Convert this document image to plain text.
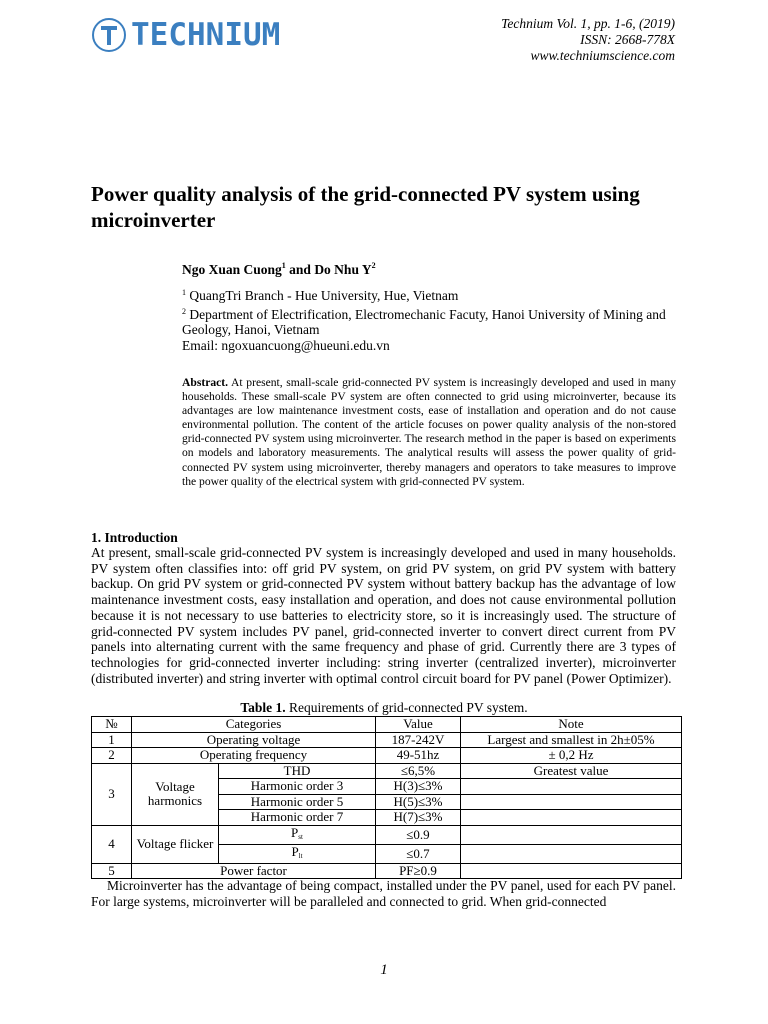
TECHNIUM	Technium Vol. 1, pp. 1-6, (2019)
ISSN: 2668-778X
www.techniumscience.com
Power quality analysis of the grid-connected PV system using microinverter
Ngo Xuan Cuong$^1$ and Do Nhu $Y^2$
$^1$ QuangTri Branch - Hue University, Hue, Vietnam
$^2$ Department of Electrification, Electromechanic Facuty, Hanoi University of Mining and Geology, Hanoi, Vietnam
Email: ngoxuancuong@hueuni.edu.vn
Abstract. At present, small-scale grid-connected PV system is increasingly developed and used in many households. These small-scale PV system are often connected to grid using microinverter, because its advantages are low maintenance investment costs, ease of installation and operation and do not cause environmental pollution. The content of the article focuses on power quality analysis of the non-stored grid-connected PV system using microinverter. The research method in the paper is based on experiments on models and laboratory measurements. The analytical results will assess the power quality of grid-connected PV system using microinverter, thereby managers and operators to take measures to improve the power quality of the electrical system with grid-connected PV system.
1. Introduction
At present, small-scale grid-connected PV system is increasingly developed and used in many households. PV system often classifies into: off grid PV system, on grid PV system, on grid PV system with battery backup. On grid PV system or grid-connected PV system without battery backup has the advantage of low maintenance investment costs, easy installation and operation, and does not cause environmental pollution because it is not necessary to use batteries to electricity store, so it is increasingly used. The structure of grid-connected PV system includes PV panel, grid-connected inverter to convert direct current from PV panels into alternating current with the same frequency and phase of grid. Currently there are 3 types of technologies for grid-connected inverter including: string inverter (centralized inverter), microinverter (distributed inverter) and string inverter with optimal control circuit board for PV panel (Power Optimizer).
Table 1. Requirements of grid-connected PV system.
№	Categories		Value	Note
1	Operating voltage		187-242V	Largest and smallest in 2h±05%
2	Operating frequency		49-51hz	± 0,2 Hz
3	Voltage harmonics	THD	≤6,5%	Greatest value
		Harmonic order 3	H(3)≤3%	
		Harmonic order 5	H(5)≤3%	
		Harmonic order 7	H(7)≤3%	
4	Voltage flicker	$P_{st}$	≤0.9	
		$P_{lt}$	≤0.7	
5	Power factor		PF≥0.9	
Microinverter has the advantage of being compact, installed under the PV panel, used for each PV panel. For large systems, microinverter will be paralleled and connected to grid. When grid-connected
1
